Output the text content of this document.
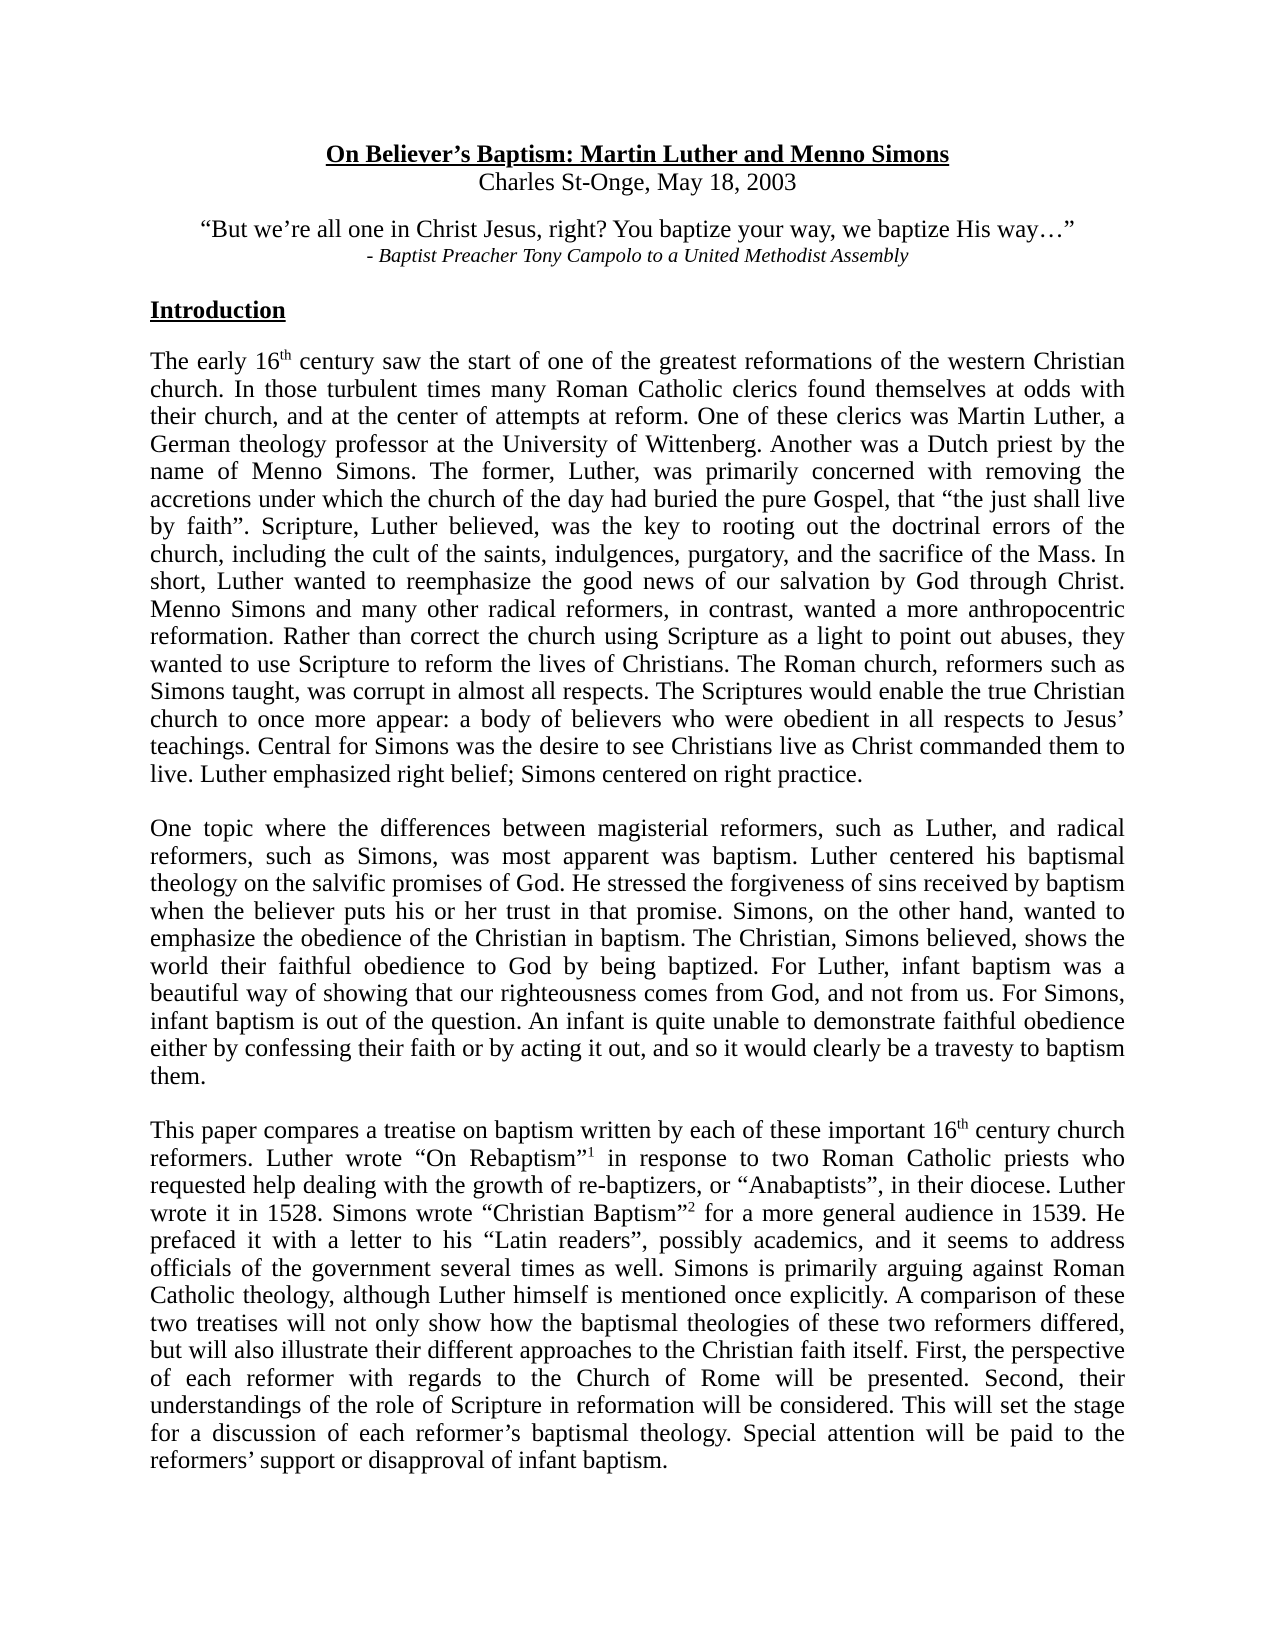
On Believer’s Baptism: Martin Luther and Menno Simons
Charles St-Onge, May 18, 2003
“But we’re all one in Christ Jesus, right? You baptize your way, we baptize His way…”
- Baptist Preacher Tony Campolo to a United Methodist Assembly
Introduction

The early 16th century saw the start of one of the greatest reformations of the western Christian church. In those turbulent times many Roman Catholic clerics found themselves at odds with their church, and at the center of attempts at reform. One of these clerics was Martin Luther, a German theology professor at the University of Wittenberg. Another was a Dutch priest by the name of Menno Simons. The former, Luther, was primarily concerned with removing the accretions under which the church of the day had buried the pure Gospel, that “the just shall live by faith”. Scripture, Luther believed, was the key to rooting out the doctrinal errors of the church, including the cult of the saints, indulgences, purgatory, and the sacrifice of the Mass. In short, Luther wanted to reemphasize the good news of our salvation by God through Christ. Menno Simons and many other radical reformers, in contrast, wanted a more anthropocentric reformation. Rather than correct the church using Scripture as a light to point out abuses, they wanted to use Scripture to reform the lives of Christians. The Roman church, reformers such as Simons taught, was corrupt in almost all respects. The Scriptures would enable the true Christian church to once more appear: a body of believers who were obedient in all respects to Jesus’ teachings. Central for Simons was the desire to see Christians live as Christ commanded them to live. Luther emphasized right belief; Simons centered on right practice.

One topic where the differences between magisterial reformers, such as Luther, and radical reformers, such as Simons, was most apparent was baptism. Luther centered his baptismal theology on the salvific promises of God. He stressed the forgiveness of sins received by baptism when the believer puts his or her trust in that promise. Simons, on the other hand, wanted to emphasize the obedience of the Christian in baptism. The Christian, Simons believed, shows the world their faithful obedience to God by being baptized. For Luther, infant baptism was a beautiful way of showing that our righteousness comes from God, and not from us. For Simons, infant baptism is out of the question. An infant is quite unable to demonstrate faithful obedience either by confessing their faith or by acting it out, and so it would clearly be a travesty to baptism them.

This paper compares a treatise on baptism written by each of these important 16th century church reformers. Luther wrote “On Rebaptism”$^1$ in response to two Roman Catholic priests who requested help dealing with the growth of re-baptizers, or “Anabaptists”, in their diocese. Luther wrote it in 1528. Simons wrote “Christian Baptism”$^2$ for a more general audience in 1539. He prefaced it with a letter to his “Latin readers”, possibly academics, and it seems to address officials of the government several times as well. Simons is primarily arguing against Roman Catholic theology, although Luther himself is mentioned once explicitly. A comparison of these two treatises will not only show how the baptismal theologies of these two reformers differed, but will also illustrate their different approaches to the Christian faith itself. First, the perspective of each reformer with regards to the Church of Rome will be presented. Second, their understandings of the role of Scripture in reformation will be considered. This will set the stage for a discussion of each reformer’s baptismal theology. Special attention will be paid to the reformers’ support or disapproval of infant baptism.
